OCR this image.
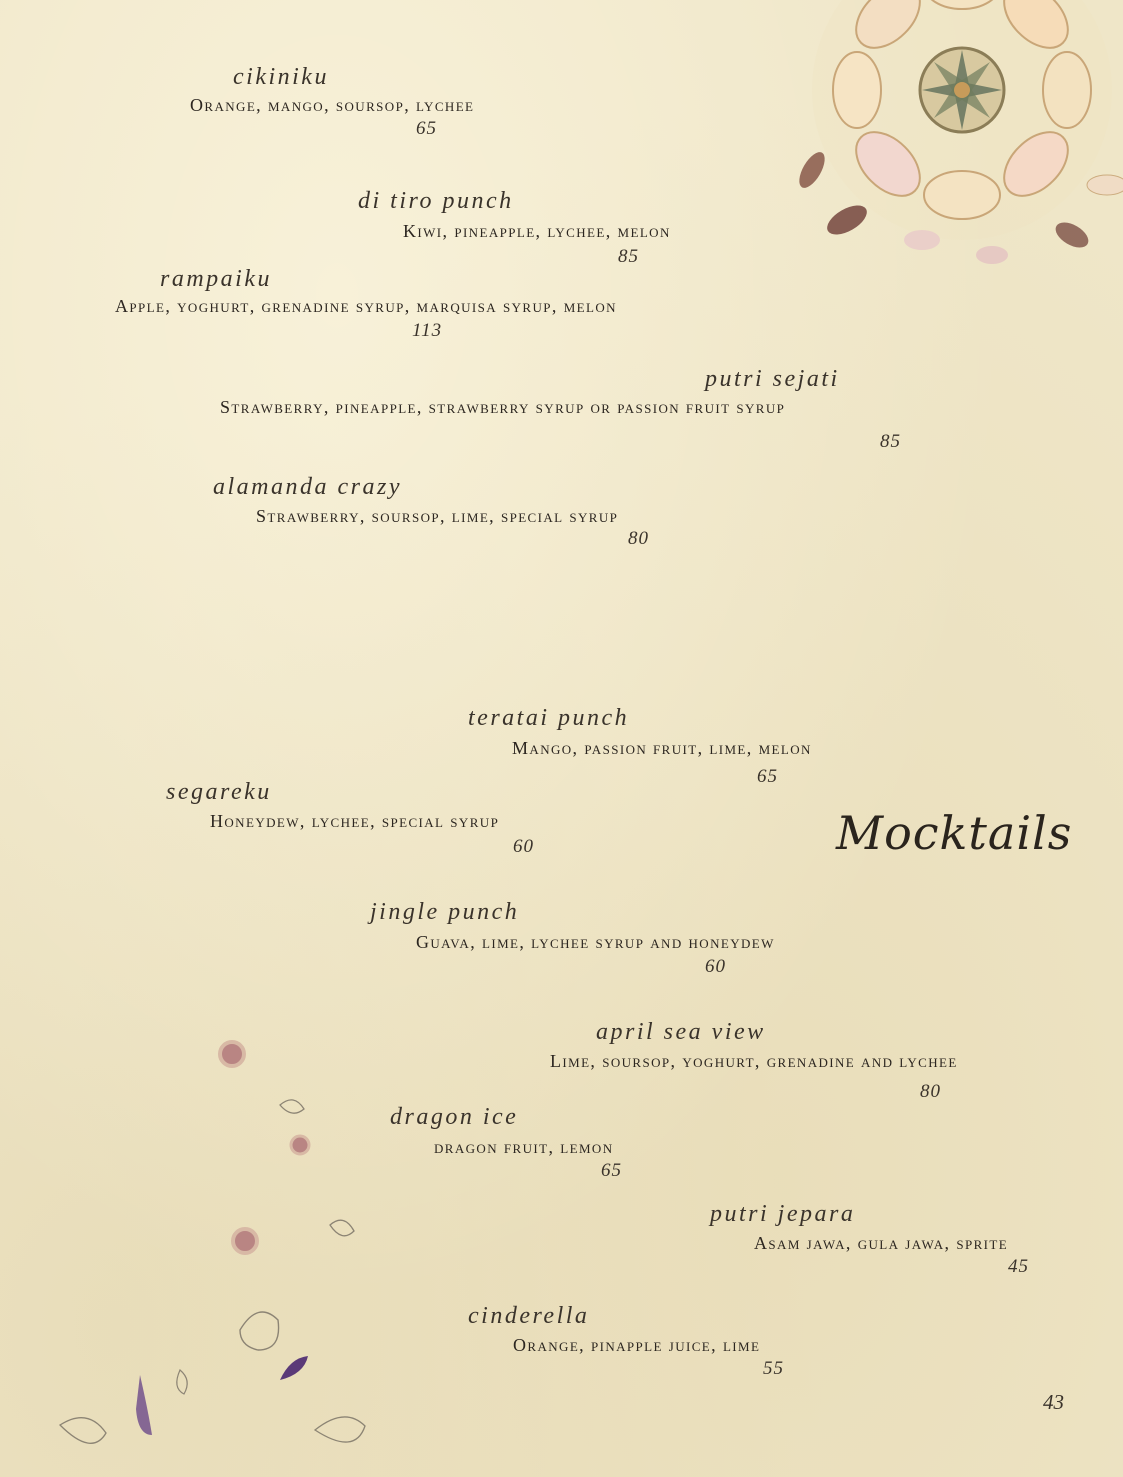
cikiniku
Orange, mango, soursop, lychee
65
di tiro punch
Kiwi, pineapple, lychee, melon
85
rampaiku
Apple, yoghurt, grenadine syrup, marquisa syrup, melon
113
putri sejati
Strawberry, pineapple, strawberry syrup or passion fruit syrup
85
alamanda crazy
Strawberry, soursop, lime, special syrup
80
teratai punch
Mango, passion fruit, lime, melon
65
segareku
Honeydew, lychee, special syrup
60
jingle punch
Guava, lime, lychee syrup and honeydew
60
april sea view
Lime, soursop, yoghurt, grenadine and lychee
80
dragon ice
dragon fruit, lemon
65
putri jepara
Asam jawa, gula jawa, sprite
45
cinderella
Orange, pinapple juice, lime
55
Mocktails
43
